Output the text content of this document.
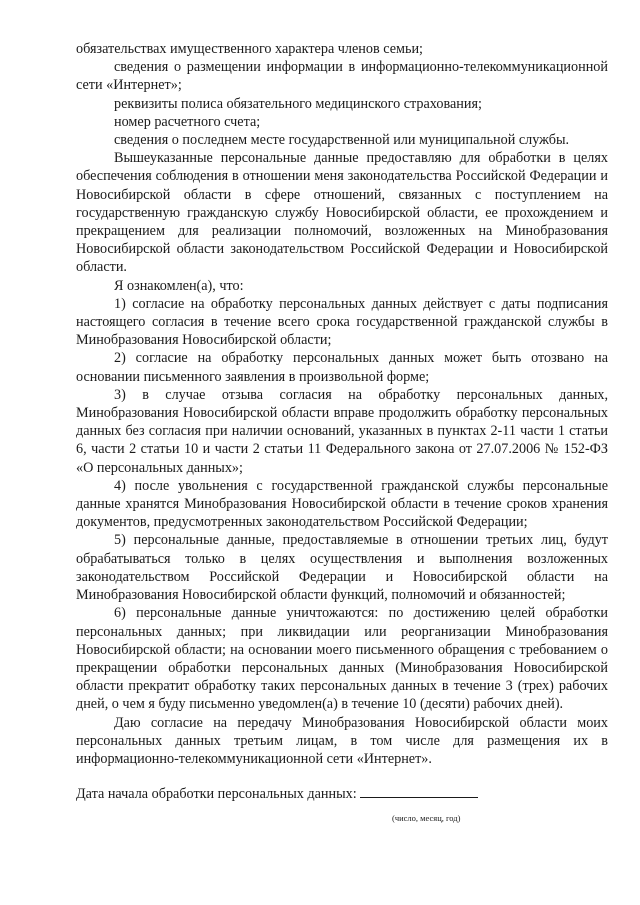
обязательствах имущественного характера членов семьи;

сведения о размещении информации в информационно-телекоммуникационной сети «Интернет»;

реквизиты полиса обязательного медицинского страхования;

номер расчетного счета;

сведения о последнем месте государственной или муниципальной службы.

Вышеуказанные персональные данные предоставляю для обработки в целях обеспечения соблюдения в отношении меня законодательства Российской Федерации и Новосибирской области в сфере отношений, связанных с поступлением на государственную гражданскую службу Новосибирской области, ее прохождением и прекращением для реализации полномочий, возложенных на Минобразования Новосибирской области законодательством Российской Федерации и Новосибирской области.

Я ознакомлен(а), что:

1) согласие на обработку персональных данных действует с даты подписания настоящего согласия в течение всего срока государственной гражданской службы в Минобразования Новосибирской области;

2) согласие на обработку персональных данных может быть отозвано на основании письменного заявления в произвольной форме;

3) в случае отзыва согласия на обработку персональных данных, Минобразования Новосибирской области вправе продолжить обработку персональных данных без согласия при наличии оснований, указанных в пунктах 2-11 части 1 статьи 6, части 2 статьи 10 и части 2 статьи 11 Федерального закона от 27.07.2006 № 152-ФЗ «О персональных данных»;

4) после увольнения с государственной гражданской службы персональные данные хранятся Минобразования Новосибирской области в течение сроков хранения документов, предусмотренных законодательством Российской Федерации;

5) персональные данные, предоставляемые в отношении третьих лиц, будут обрабатываться только в целях осуществления и выполнения возложенных законодательством Российской Федерации и Новосибирской области на Минобразования Новосибирской области функций, полномочий и обязанностей;

6) персональные данные уничтожаются: по достижению целей обработки персональных данных; при ликвидации или реорганизации Минобразования Новосибирской области; на основании моего письменного обращения с требованием о прекращении обработки персональных данных (Минобразования Новосибирской области прекратит обработку таких персональных данных в течение 3 (трех) рабочих дней, о чем я буду письменно уведомлен(а) в течение 10 (десяти) рабочих дней).

Даю согласие на передачу Минобразования Новосибирской области моих персональных данных третьим лицам, в том числе для размещения их в информационно-телекоммуникационной сети «Интернет».

Дата начала обработки персональных данных:

(число, месяц, год)
